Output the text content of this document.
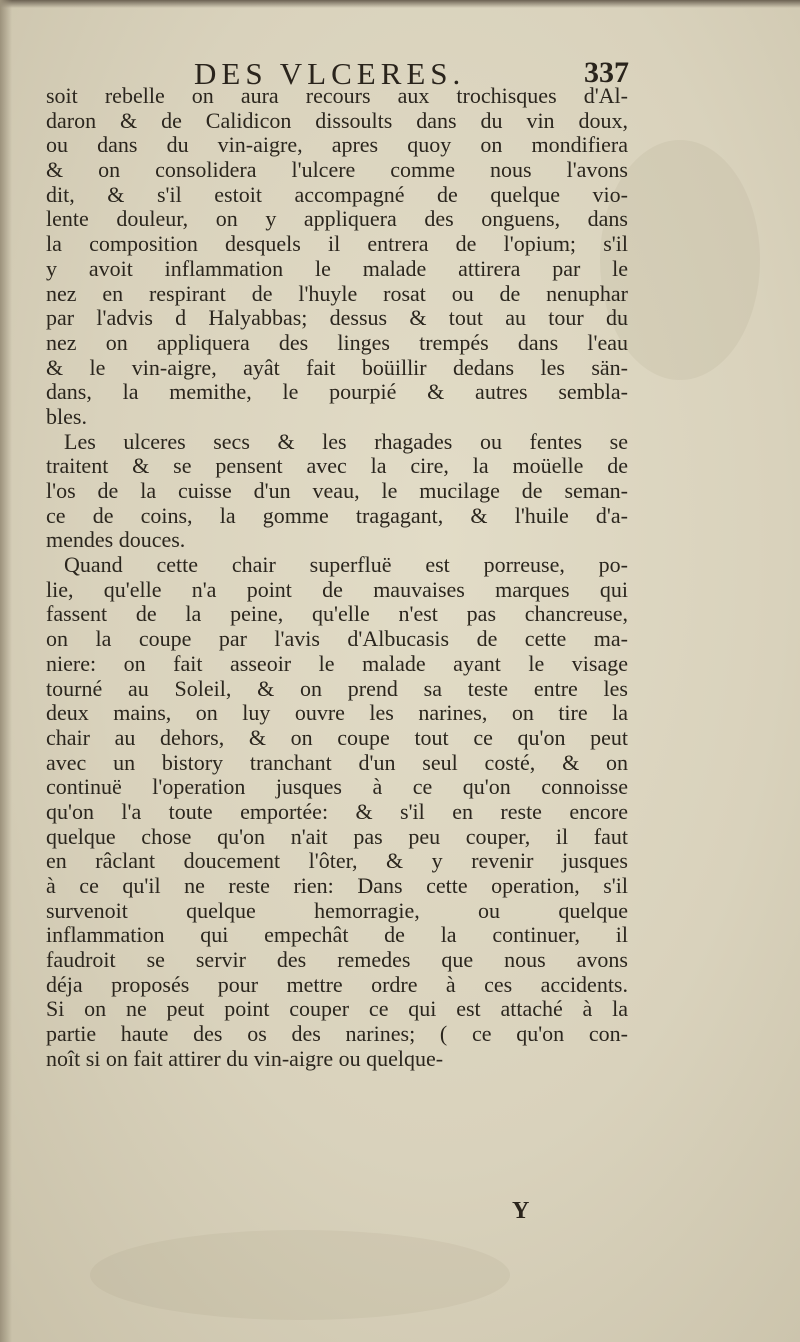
DES VLCERES.	337
soit rebelle on aura recours aux trochisques d'Al-
daron & de Calidicon dissoults dans du vin doux,
ou dans du vin-aigre, apres quoy on mondifiera
& on consolidera l'ulcere comme nous l'avons
dit, & s'il estoit accompagné de quelque vio-
lente douleur, on y appliquera des onguens, dans
la composition desquels il entrera de l'opium; s'il
y avoit inflammation le malade attirera par le
nez en respirant de l'huyle rosat ou de nenuphar
par l'advis d Halyabbas; dessus & tout au tour du
nez on appliquera des linges trempés dans l'eau
& le vin-aigre, ayât fait boüillir dedans les sän-
dans, la memithe, le pourpié & autres sembla-
bles.
Les ulceres secs & les rhagades ou fentes se
traitent & se pensent avec la cire, la moüelle de
l'os de la cuisse d'un veau, le mucilage de seman-
ce de coins, la gomme tragagant, & l'huile d'a-
mendes douces.
Quand cette chair superfluë est porreuse, po-
lie, qu'elle n'a point de mauvaises marques qui
fassent de la peine, qu'elle n'est pas chancreuse,
on la coupe par l'avis d'Albucasis de cette ma-
niere: on fait asseoir le malade ayant le visage
tourné au Soleil, & on prend sa teste entre les
deux mains, on luy ouvre les narines, on tire la
chair au dehors, & on coupe tout ce qu'on peut
avec un bistory tranchant d'un seul costé, & on
continuë l'operation jusques à ce qu'on connoisse
qu'on l'a toute emportée: & s'il en reste encore
quelque chose qu'on n'ait pas peu couper, il faut
en râclant doucement l'ôter, & y revenir jusques
à ce qu'il ne reste rien: Dans cette operation, s'il
survenoit quelque hemorragie, ou quelque
inflammation qui empechât de la continuer, il
faudroit se servir des remedes que nous avons
déja proposés pour mettre ordre à ces accidents.
Si on ne peut point couper ce qui est attaché à la
partie haute des os des narines; ( ce qu'on con-
noît si on fait attirer du vin-aigre ou quelque-
Y
